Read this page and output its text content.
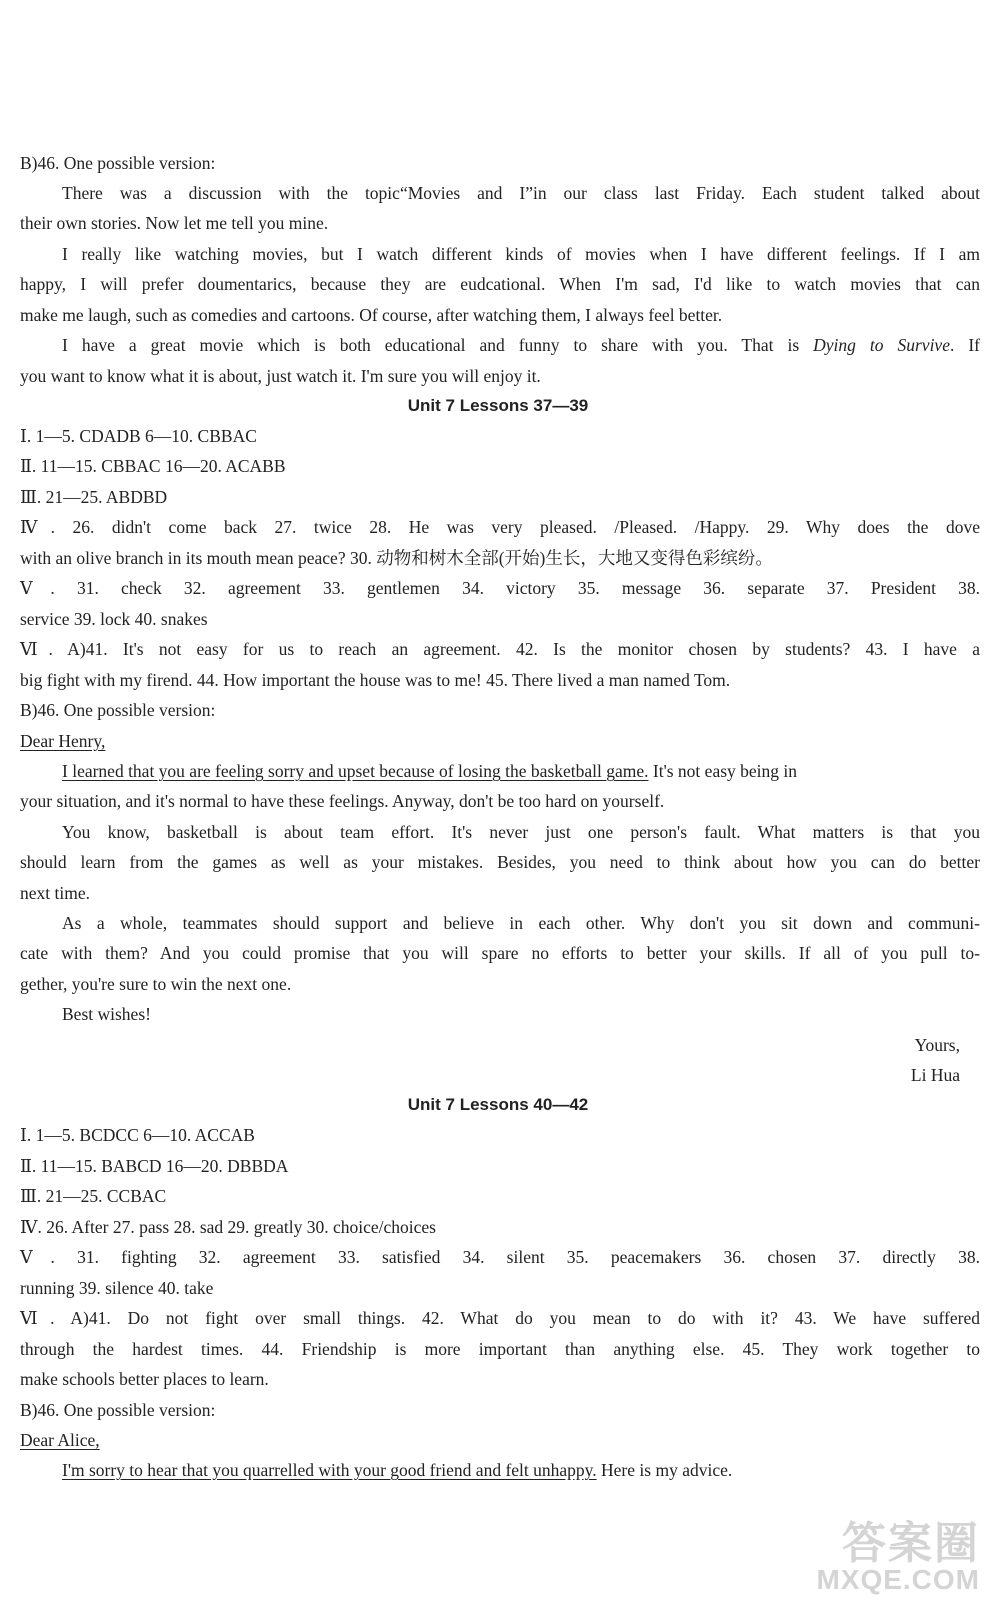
B)46. One possible version:
There was a discussion with the topic“Movies and I”in our class last Friday. Each student talked about
their own stories. Now let me tell you mine.
I really like watching movies, but I watch different kinds of movies when I have different feelings. If I am
happy, I will prefer doumentarics, because they are eudcational. When I'm sad, I'd like to watch movies that can
make me laugh, such as comedies and cartoons. Of course, after watching them, I always feel better.
I have a great movie which is both educational and funny to share with you. That is Dying to Survive. If
you want to know what it is about, just watch it. I'm sure you will enjoy it.
Unit 7 Lessons 37—39
Ⅰ. 1—5. CDADB 6—10. CBBAC
Ⅱ. 11—15. CBBAC 16—20. ACABB
Ⅲ. 21—25. ABDBD
Ⅳ. 26. didn't come back 27. twice 28. He was very pleased. /Pleased. /Happy. 29. Why does the dove
with an olive branch in its mouth mean peace? 30. 动物和树木全部(开始)生长，大地又变得色彩缤纷。
Ⅴ. 31. check 32. agreement 33. gentlemen 34. victory 35. message 36. separate 37. President 38.
service 39. lock 40. snakes
Ⅵ. A)41. It's not easy for us to reach an agreement. 42. Is the monitor chosen by students? 43. I have a
big fight with my firend. 44. How important the house was to me! 45. There lived a man named Tom.
B)46. One possible version:
Dear Henry,
I learned that you are feeling sorry and upset because of losing the basketball game. It's not easy being in
your situation, and it's normal to have these feelings. Anyway, don't be too hard on yourself.
You know, basketball is about team effort. It's never just one person's fault. What matters is that you
should learn from the games as well as your mistakes. Besides, you need to think about how you can do better
next time.
As a whole, teammates should support and believe in each other. Why don't you sit down and communi-
cate with them? And you could promise that you will spare no efforts to better your skills. If all of you pull to-
gether, you're sure to win the next one.
Best wishes!
Yours,
Li Hua
Unit 7 Lessons 40—42
Ⅰ. 1—5. BCDCC 6—10. ACCAB
Ⅱ. 11—15. BABCD 16—20. DBBDA
Ⅲ. 21—25. CCBAC
Ⅳ. 26. After 27. pass 28. sad 29. greatly 30. choice/choices
Ⅴ. 31. fighting 32. agreement 33. satisfied 34. silent 35. peacemakers 36. chosen 37. directly 38.
running 39. silence 40. take
Ⅵ. A)41. Do not fight over small things. 42. What do you mean to do with it? 43. We have suffered
through the hardest times. 44. Friendship is more important than anything else. 45. They work together to
make schools better places to learn.
B)46. One possible version:
Dear Alice,
I'm sorry to hear that you quarrelled with your good friend and felt unhappy. Here is my advice.
答案圈
MXQE.COM
